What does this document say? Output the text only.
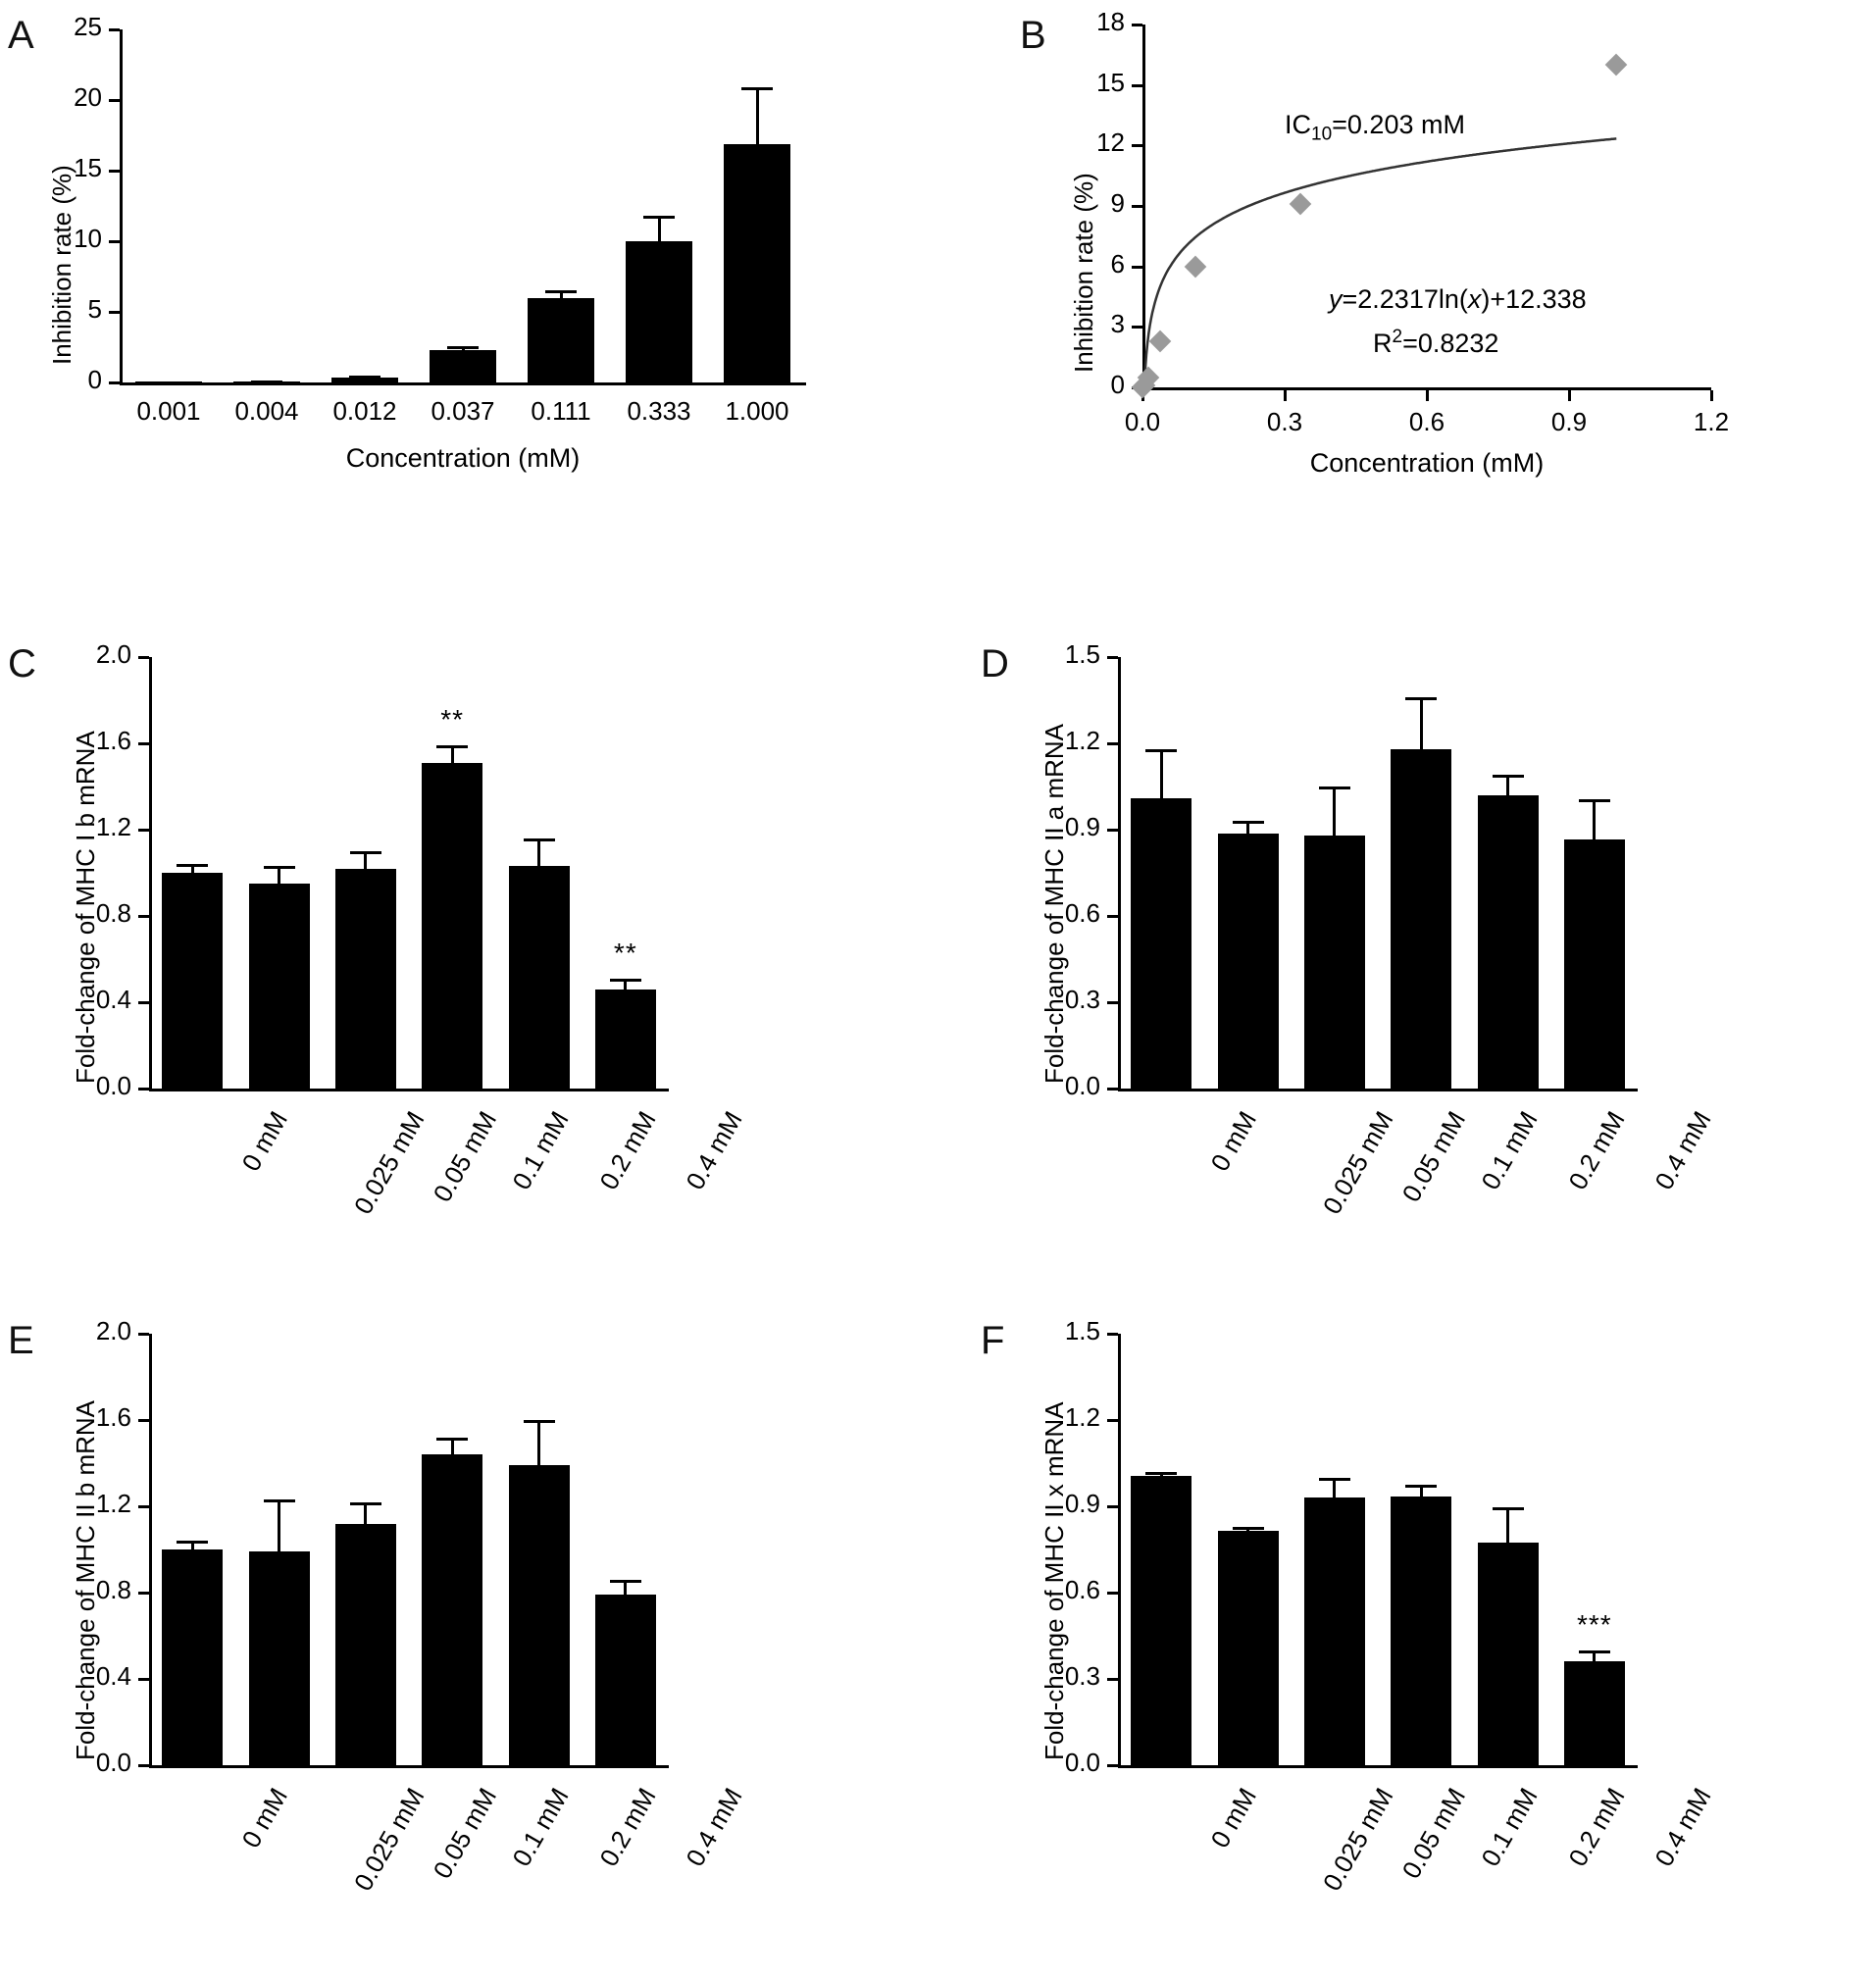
A
0
5
10
15
20
25
Inhibition rate (%)
0.001	0.004	0.012	0.037	0.111	0.333	1.000
Concentration (mM)
C
0.0
0.4
0.8
1.2
1.6
2.0
Fold-change of MHC I b mRNA
0 mM 0.025 mM
0.05 mM
**
0.1 mM 0.2 mM
**
0.4 mM
D
0.0
0.3
0.6
0.9
1.2
1.5
Fold-change of MHC II a mRNA
0 mM 0.025 mM
0.05 mM 0.1 mM 0.2 mM 0.4 mM
E
0.0
0.4
0.8
1.2
1.6
2.0
Fold-change of MHC II b mRNA
0 mM 0.025 mM
0.05 mM 0.1 mM 0.2 mM 0.4 mM
F
0.0
0.3
0.6
0.9
1.2
1.5
Fold-change of MHC II x mRNA
0 mM 0.025 mM
0.05 mM 0.1 mM 0.2 mM
***
0.4 mM
B
0
3
6
9
12
15
18
0.0	0.3	0.6	0.9	1.2
Inhibition rate (%)
Concentration (mM)
$IC_{10}=0.203$ mM
y=2.2317ln(x)+12.338
$R^2=0.8232$
